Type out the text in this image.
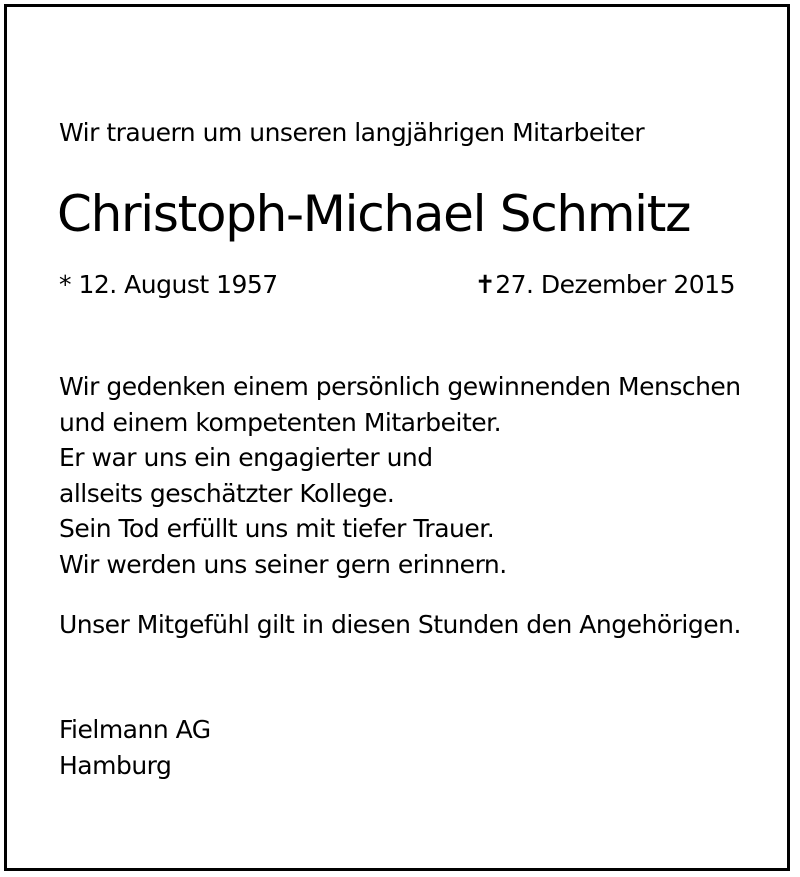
Wir trauern um unseren langjährigen Mitarbeiter
Christoph-Michael Schmitz
* 12. August 1957	✝27. Dezember 2015
Wir gedenken einem persönlich gewinnenden Menschen
und einem kompetenten Mitarbeiter.
Er war uns ein engagierter und
allseits geschätzter Kollege.
Sein Tod erfüllt uns mit tiefer Trauer.
Wir werden uns seiner gern erinnern.
Unser Mitgefühl gilt in diesen Stunden den Angehörigen.
Fielmann AG
Hamburg
